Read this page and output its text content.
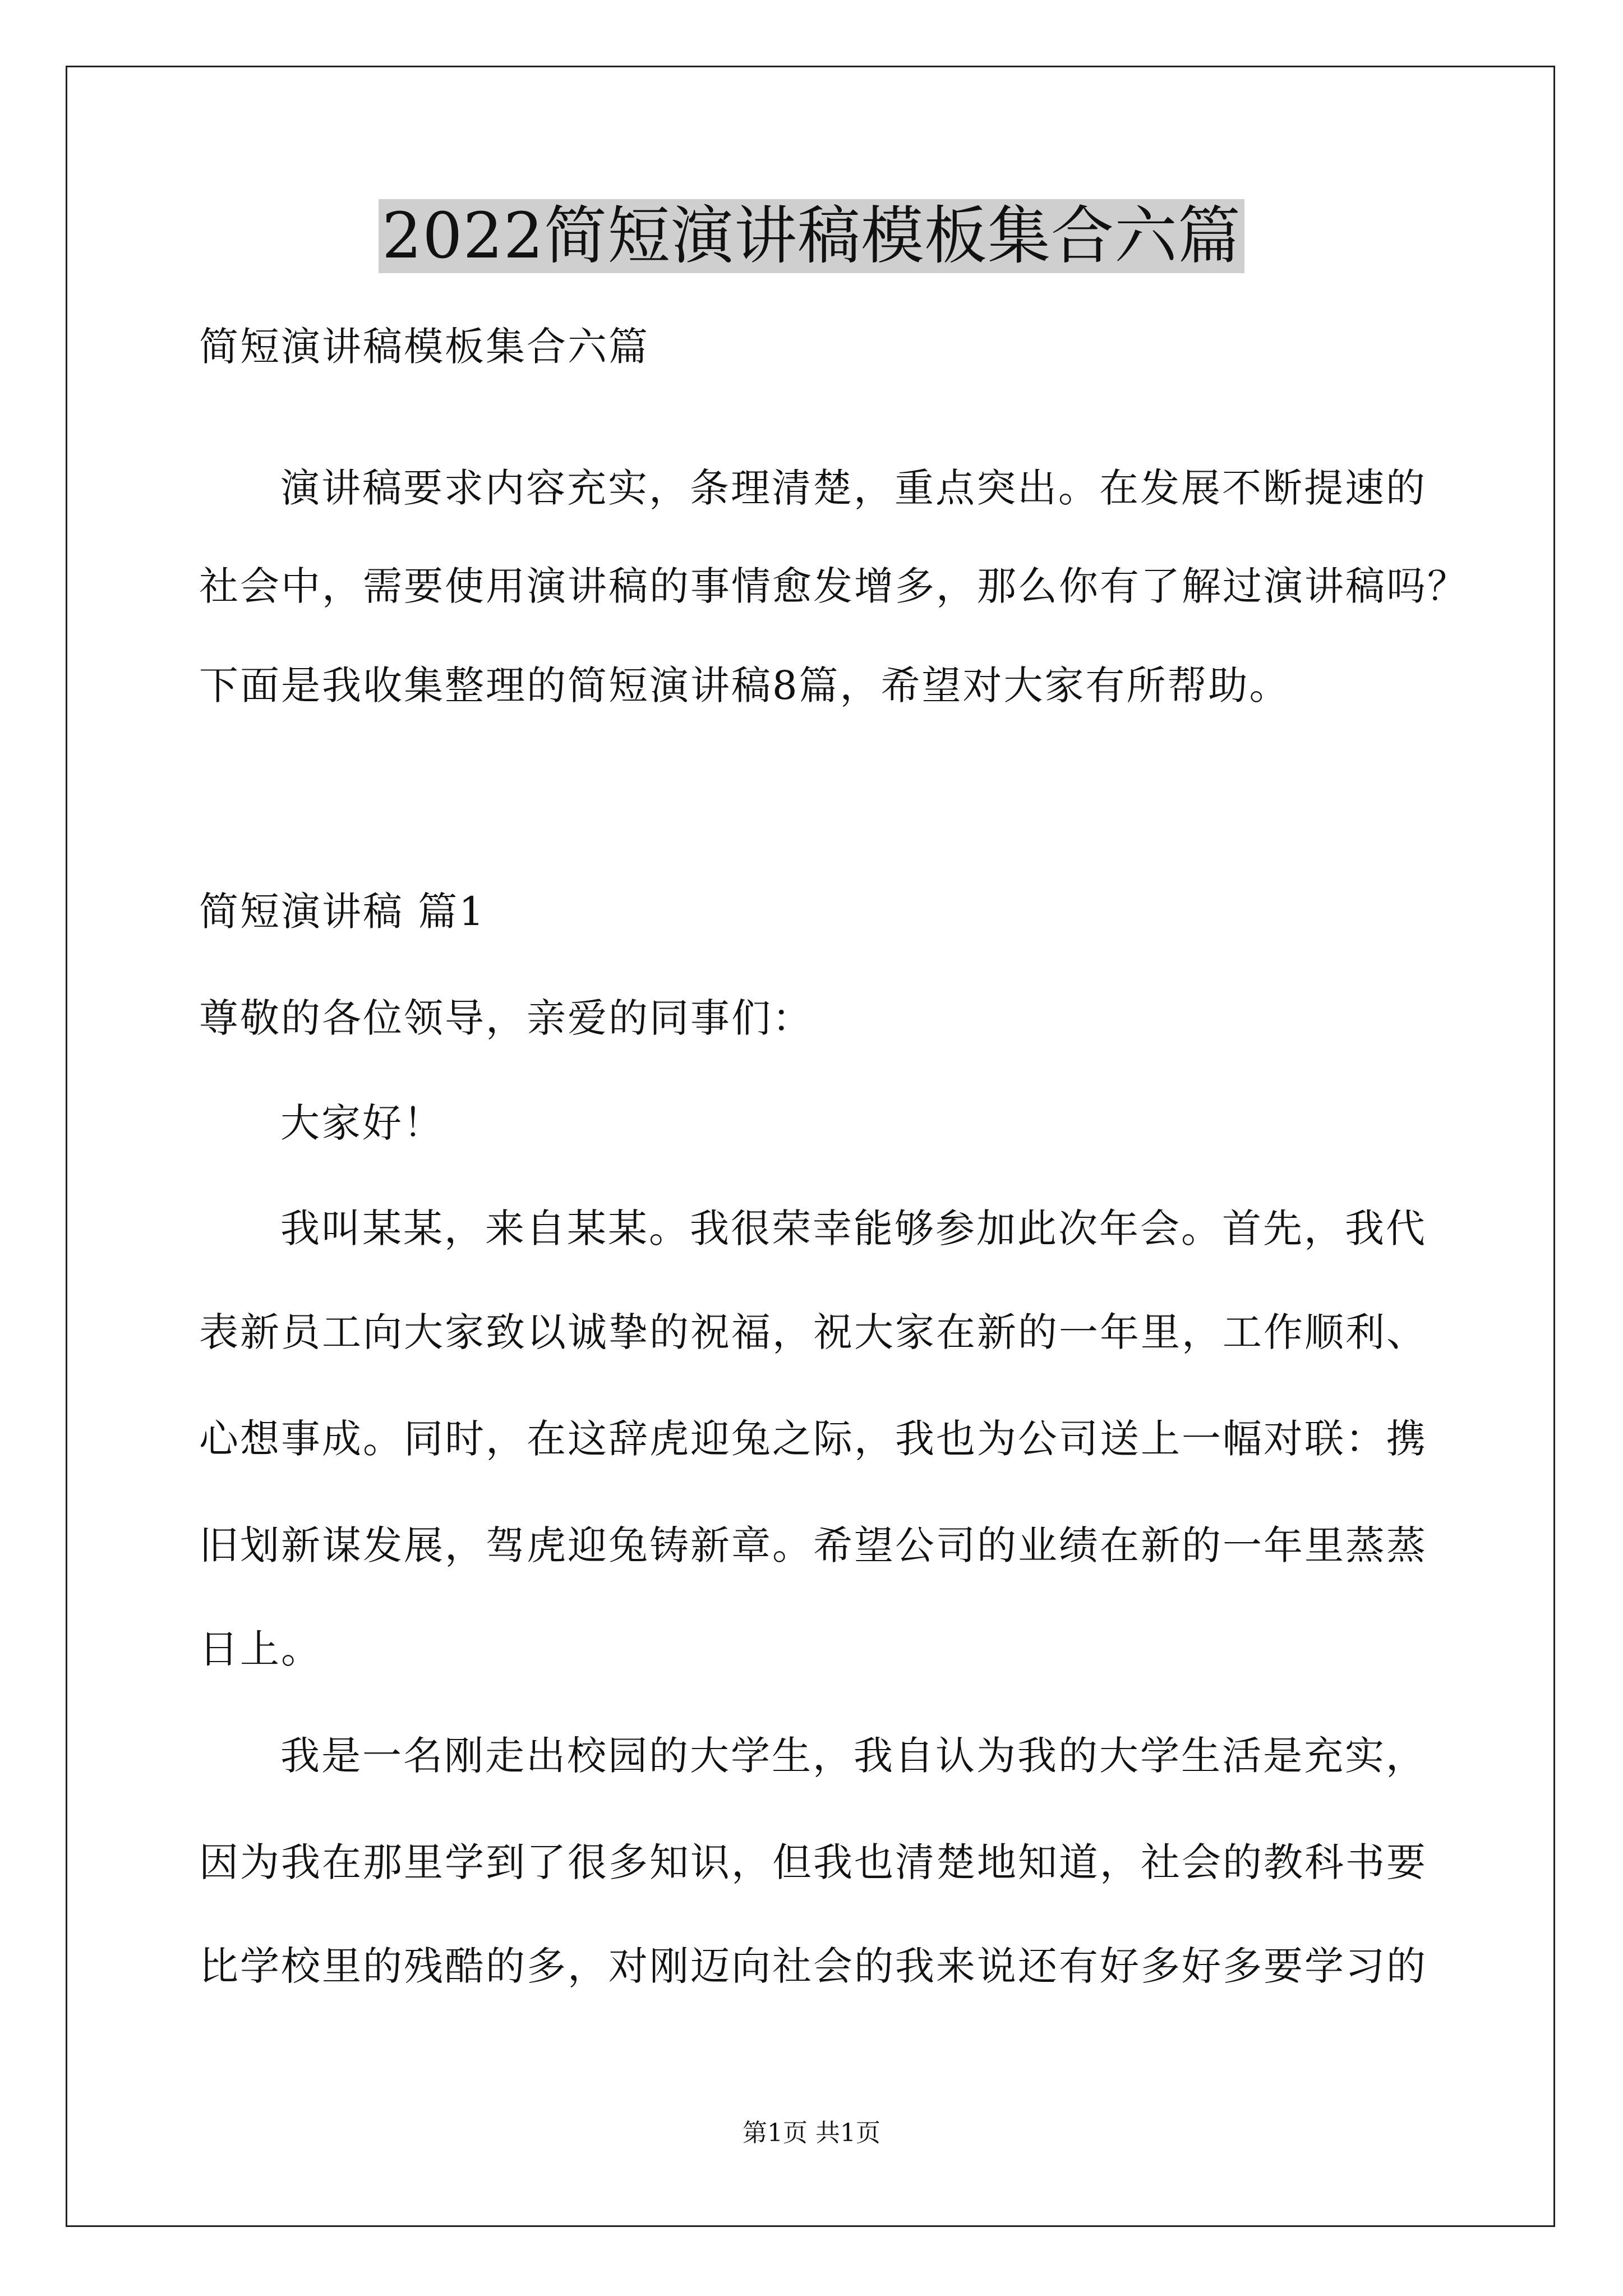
2022简短演讲稿模板集合六篇

简短演讲稿模板集合六篇

演讲稿要求内容充实，条理清楚，重点突出。在发展不断提速的

社会中，需要使用演讲稿的事情愈发增多，那么你有了解过演讲稿吗？

下面是我收集整理的简短演讲稿8篇，希望对大家有所帮助。

简短演讲稿 篇1

尊敬的各位领导，亲爱的同事们：

大家好！

我叫某某，来自某某。我很荣幸能够参加此次年会。首先，我代

表新员工向大家致以诚挚的祝福，祝大家在新的一年里，工作顺利、

心想事成。同时，在这辞虎迎兔之际，我也为公司送上一幅对联：携

旧划新谋发展，驾虎迎兔铸新章。希望公司的业绩在新的一年里蒸蒸

日上。

我是一名刚走出校园的大学生，我自认为我的大学生活是充实，

因为我在那里学到了很多知识，但我也清楚地知道，社会的教科书要

比学校里的残酷的多，对刚迈向社会的我来说还有好多好多要学习的

第1页 共1页
